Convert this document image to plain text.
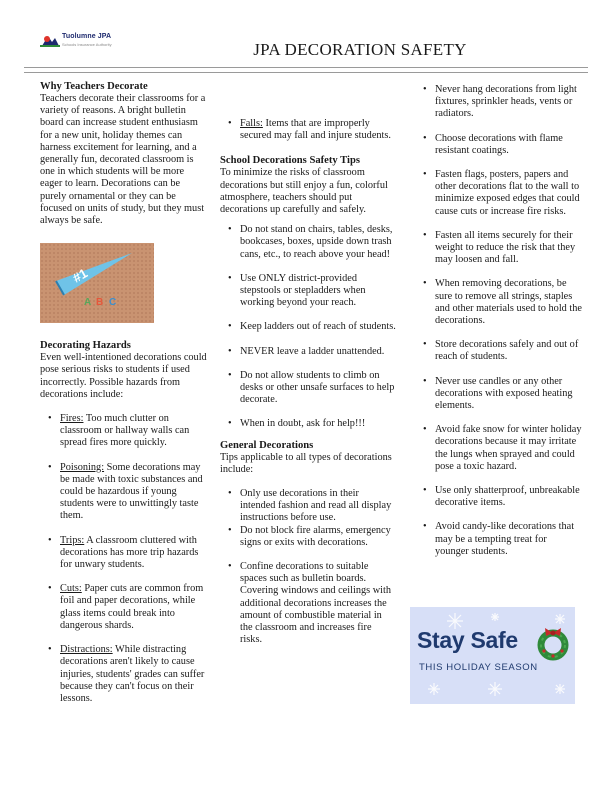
Tuolumne JPA
Schools Insurance Authority	JPA DECORATION SAFETY
Why Teachers Decorate

Teachers decorate their classrooms for a variety of reasons. A bright bulletin board can increase student enthusiasm for a new unit, holiday themes can harness excitement for learning, and a generally fun, decorated classroom is one in which students will be more eager to learn. Decorations can be purely ornamental or they can be focused on units of study, but they must always be safe.

#1
A B C
Decorating Hazards

Even well-intentioned decorations could pose serious risks to students if used incorrectly. Possible hazards from decorations include:

• Fires: Too much clutter on classroom or hallway walls can spread fires more quickly.
• Poisoning: Some decorations may be made with toxic substances and could be hazardous if young students were to unwittingly taste them.
• Trips: A classroom cluttered with decorations has more trip hazards for unwary students.
• Cuts: Paper cuts are common from foil and paper decorations, while glass items could break into dangerous shards.
• Distractions: While distracting decorations aren't likely to cause injuries, students' grades can suffer because they can't focus on their lessons.
• Falls: Items that are improperly secured may fall and injure students.
School Decorations Safety Tips

To minimize the risks of classroom decorations but still enjoy a fun, colorful atmosphere, teachers should put decorations up carefully and safely.

• Do not stand on chairs, tables, desks, bookcases, boxes, upside down trash cans, etc., to reach above your head!
• Use ONLY district-provided stepstools or stepladders when working beyond your reach.
• Keep ladders out of reach of students.
• NEVER leave a ladder unattended.
• Do not allow students to climb on desks or other unsafe surfaces to help decorate.
• When in doubt, ask for help!!!
General Decorations

Tips applicable to all types of decorations include:

• Only use decorations in their intended fashion and read all display instructions before use.
• Do not block fire alarms, emergency signs or exits with decorations.
• Confine decorations to suitable spaces such as bulletin boards. Covering windows and ceilings with additional decorations increases the amount of combustible material in the classroom and increases fire risks.
• Never hang decorations from light fixtures, sprinkler heads, vents or radiators.
• Choose decorations with flame resistant coatings.
• Fasten flags, posters, papers and other decorations flat to the wall to minimize exposed edges that could cause cuts or increase fire risks.
• Fasten all items securely for their weight to reduce the risk that they may loosen and fall.
• When removing decorations, be sure to remove all strings, staples and other materials used to hold the decorations.
• Store decorations safely and out of reach of students.
• Never use candles or any other decorations with exposed heating elements.
• Avoid fake snow for winter holiday decorations because it may irritate the lungs when sprayed and could pose a toxic hazard.
• Use only shatterproof, unbreakable decorative items.
• Avoid candy-like decorations that may be a tempting treat for younger students.
Stay Safe
THIS HOLIDAY SEASON
